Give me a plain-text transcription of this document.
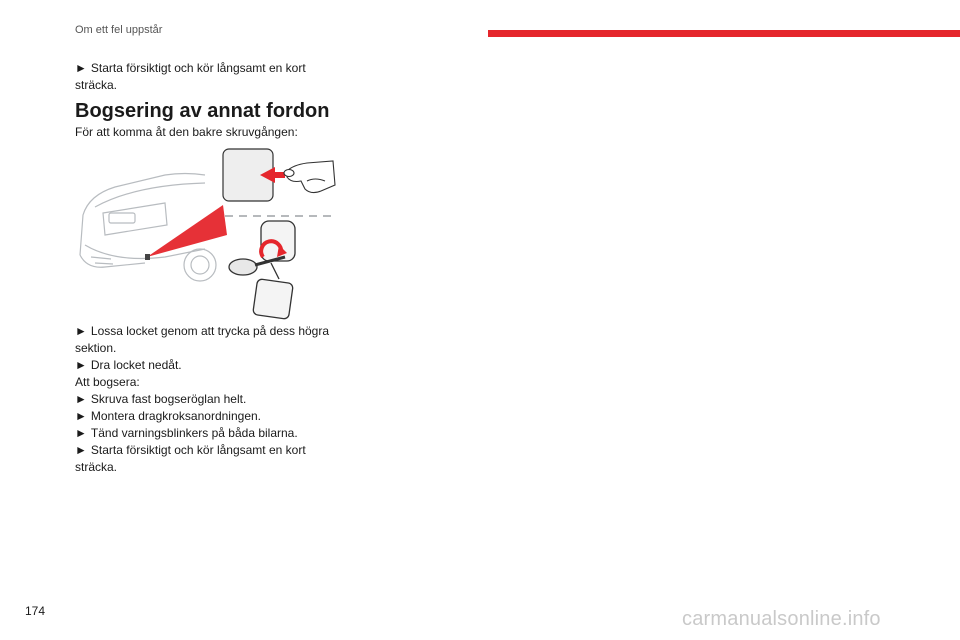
Om ett fel uppstår
► Starta försiktigt och kör långsamt en kort sträcka.
Bogsering av annat fordon
För att komma åt den bakre skruvgången:
► Lossa locket genom att trycka på dess högra sektion.
► Dra locket nedåt.
Att bogsera:
► Skruva fast bogseröglan helt.
► Montera dragkroksanordningen.
► Tänd varningsblinkers på båda bilarna.
► Starta försiktigt och kör långsamt en kort sträcka.
174	carmanualsonline.info
